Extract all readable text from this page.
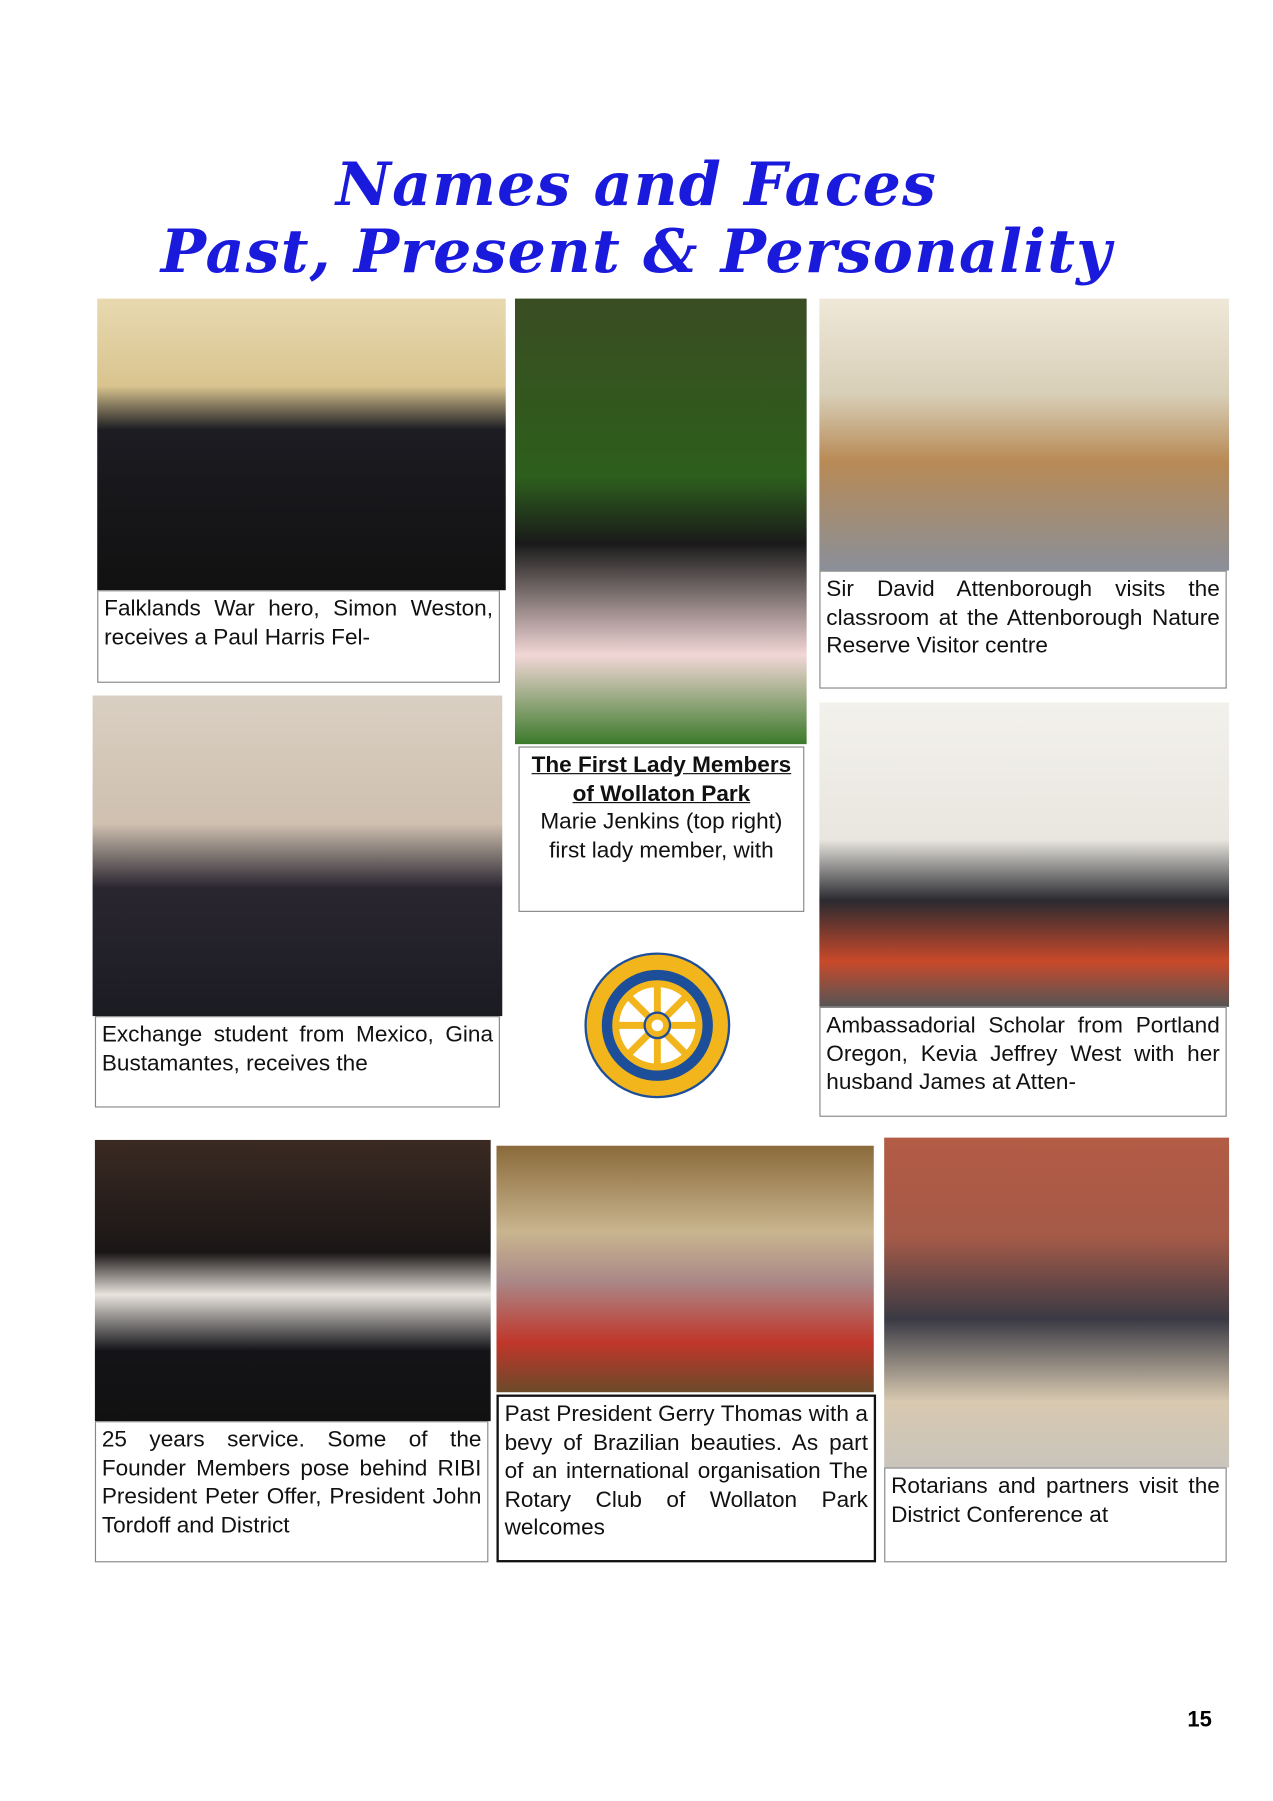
Names and Faces
Past, Present & Personality
Falklands War hero, Simon Weston, receives a Paul Harris Fel-
The First Lady Members of Wollaton Park
Marie Jenkins (top right) first lady member, with
Sir David Attenborough visits the classroom at the Attenborough Nature Reserve Visitor centre
Exchange student from Mexico, Gina Bustamantes, receives the
Ambassadorial Scholar from Portland Oregon, Kevia Jeffrey West with her husband James at Atten-
25 years service. Some of the Founder Members pose behind RIBI President Peter Offer, President John Tordoff and District
Past President Gerry Thomas with a bevy of Brazilian beauties. As part of an international organisation The Rotary Club of Wollaton Park welcomes
Rotarians and partners visit the District Conference at
15
